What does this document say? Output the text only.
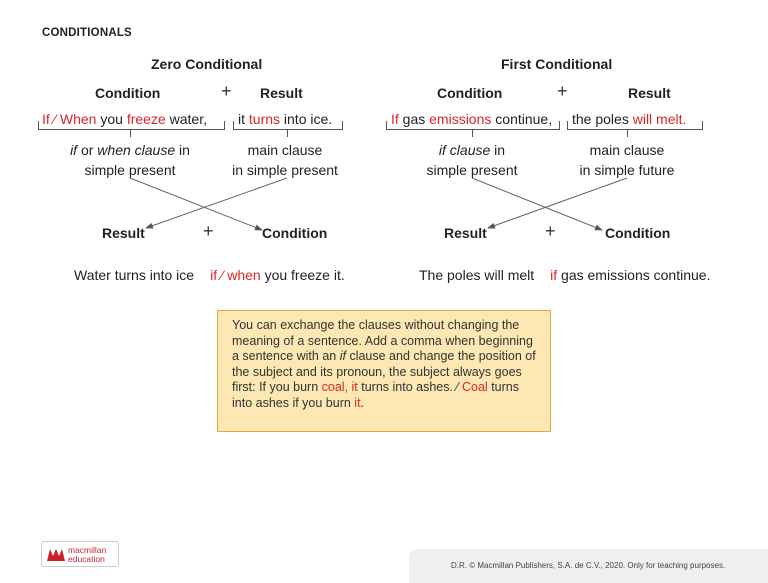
CONDITIONALS
Zero Conditional
Condition	+ Result
If ⁄ When you freeze water, it turns into ice.
if or when clause in
simple present
main clause
in simple present
Result	+	Condition
Water turns into ice if ⁄ when you freeze it.
First Conditional
Condition	+	Result
If gas emissions continue, the poles will melt.
if clause in
simple present
main clause
in simple future
Result	+	Condition
The poles will melt if gas emissions continue.
You can exchange the clauses without changing the meaning of a sentence. Add a comma when beginning a sentence with an if clause and change the position of the subject and its pronoun, the subject always goes first: If you burn coal, it turns into ashes. ⁄ Coal turns into ashes if you burn it.
macmillan
education
D.R. © Macmillan Publishers, S.A. de C.V., 2020. Only for teaching purposes.
